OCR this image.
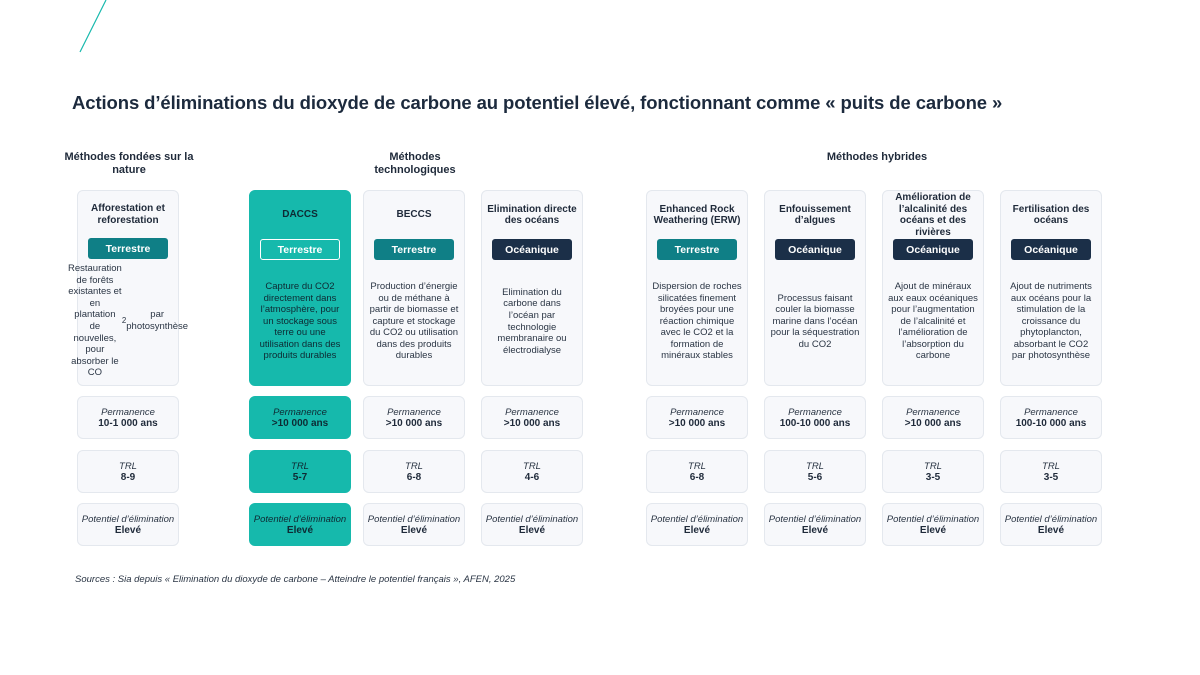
Actions d’éliminations du dioxyde de carbone au potentiel élevé, fonctionnant comme « puits de carbone »
Méthodes fondées sur la nature
Méthodes technologiques
Méthodes hybrides
Afforestation et reforestation
Terrestre
Restauration de forêts existantes et en plantation de nouvelles, pour absorber le CO
2
par photosynthèse
Permanence
10-1 000 ans
TRL
8-9
Potentiel d’élimination
Elevé
DACCS
Terrestre
Capture du CO2 directement dans l’atmosphère, pour un stockage sous terre ou une utilisation dans des produits durables
Permanence
>10 000 ans
TRL
5-7
Potentiel d’élimination
Elevé
BECCS
Terrestre
Production d’énergie ou de méthane à partir de biomasse et capture et stockage du CO2 ou utilisation dans des produits durables
Permanence
>10 000 ans
TRL
6-8
Potentiel d’élimination
Elevé
Elimination directe des océans
Océanique
Elimination du carbone dans l’océan par technologie membranaire ou électrodialyse
Permanence
>10 000 ans
TRL
4-6
Potentiel d’élimination
Elevé
Enhanced Rock Weathering (ERW)
Terrestre
Dispersion de roches silicatées finement broyées pour une réaction chimique avec le CO2 et la formation de minéraux stables
Permanence
>10 000 ans
TRL
6-8
Potentiel d’élimination
Elevé
Enfouissement d’algues
Océanique
Processus faisant couler la biomasse marine dans l’océan pour la séquestration du CO2
Permanence
100-10 000 ans
TRL
5-6
Potentiel d’élimination
Elevé
Amélioration de l’alcalinité des océans et des rivières
Océanique
Ajout de minéraux aux eaux océaniques pour l’augmentation de l’alcalinité et l’amélioration de l’absorption du carbone
Permanence
>10 000 ans
TRL
3-5
Potentiel d’élimination
Elevé
Fertilisation des océans
Océanique
Ajout de nutriments aux océans pour la stimulation de la croissance du phytoplancton, absorbant le CO2 par photosynthèse
Permanence
100-10 000 ans
TRL
3-5
Potentiel d’élimination
Elevé
Sources : Sia depuis « Elimination du dioxyde de carbone – Atteindre le potentiel français », AFEN, 2025
